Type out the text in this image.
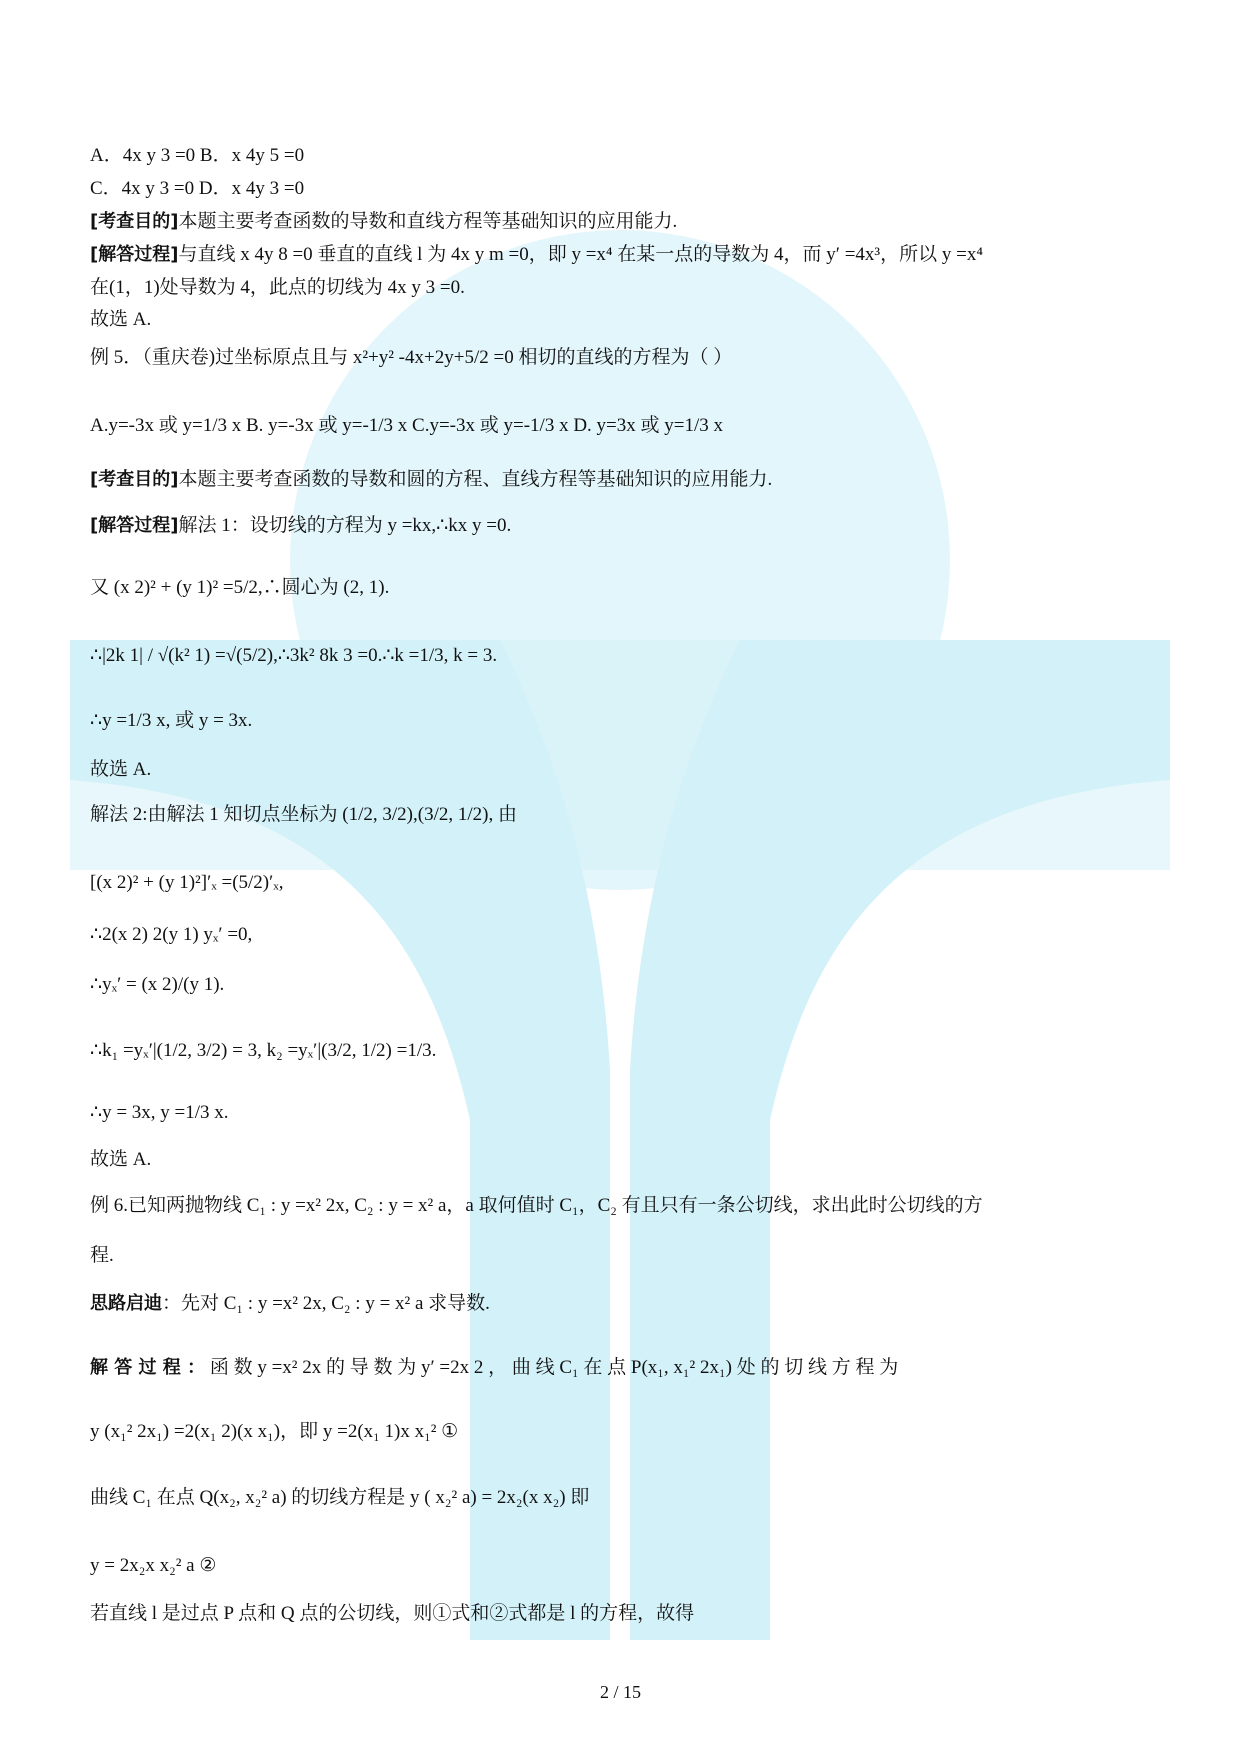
A．4x y 3 =0 B．x 4y 5 =0
C．4x y 3 =0 D．x 4y 3 =0
[考查目的]本题主要考查函数的导数和直线方程等基础知识的应用能力.
[解答过程]与直线 x 4y 8 =0 垂直的直线 l 为 4x y m =0，即 y =x⁴ 在某一点的导数为 4，而 y′ =4x³，所以 y =x⁴
在(1，1)处导数为 4，此点的切线为 4x y 3 =0.
故选 A.
例 5．（重庆卷)过坐标原点且与 x²+y² -4x+2y+5/2 =0 相切的直线的方程为（ ）
A.y=-3x 或 y=1/3 x B. y=-3x 或 y=-1/3 x C.y=-3x 或 y=-1/3 x D. y=3x 或 y=1/3 x
[考查目的]本题主要考查函数的导数和圆的方程、直线方程等基础知识的应用能力.
[解答过程]解法 1：设切线的方程为 y =kx,∴kx y =0.
又 (x 2)² + (y 1)² =5/2,∴圆心为 (2, 1).
∴|2k 1| / √(k² 1) =√(5/2),∴3k² 8k 3 =0.∴k =1/3, k = 3.
∴y =1/3 x, 或 y = 3x.
故选 A.
解法 2:由解法 1 知切点坐标为 (1/2, 3/2),(3/2, 1/2), 由
[(x 2)² + (y 1)²]′ₓ =(5/2)′ₓ,
∴2(x 2) 2(y 1) yₓ′ =0,
∴yₓ′ = (x 2)/(y 1).
∴k₁ =yₓ′|(1/2, 3/2) = 3, k₂ =yₓ′|(3/2, 1/2) =1/3.
∴y = 3x, y =1/3 x.
故选 A.
例 6.已知两抛物线 C₁ : y =x² 2x, C₂ : y = x² a，a 取何值时 C₁，C₂ 有且只有一条公切线，求出此时公切线的方
程.
思路启迪：先对 C₁ : y =x² 2x, C₂ : y = x² a 求导数.
解 答 过 程 ： 函 数 y =x² 2x 的 导 数 为 y′ =2x 2 ， 曲 线 C₁ 在 点 P(x₁, x₁² 2x₁) 处 的 切 线 方 程 为
y (x₁² 2x₁) =2(x₁ 2)(x x₁)，即 y =2(x₁ 1)x x₁² ①
曲线 C₁ 在点 Q(x₂, x₂² a) 的切线方程是 y ( x₂² a) = 2x₂(x x₂) 即
y = 2x₂x x₂² a ②
若直线 l 是过点 P 点和 Q 点的公切线，则①式和②式都是 l 的方程，故得
2 / 15
